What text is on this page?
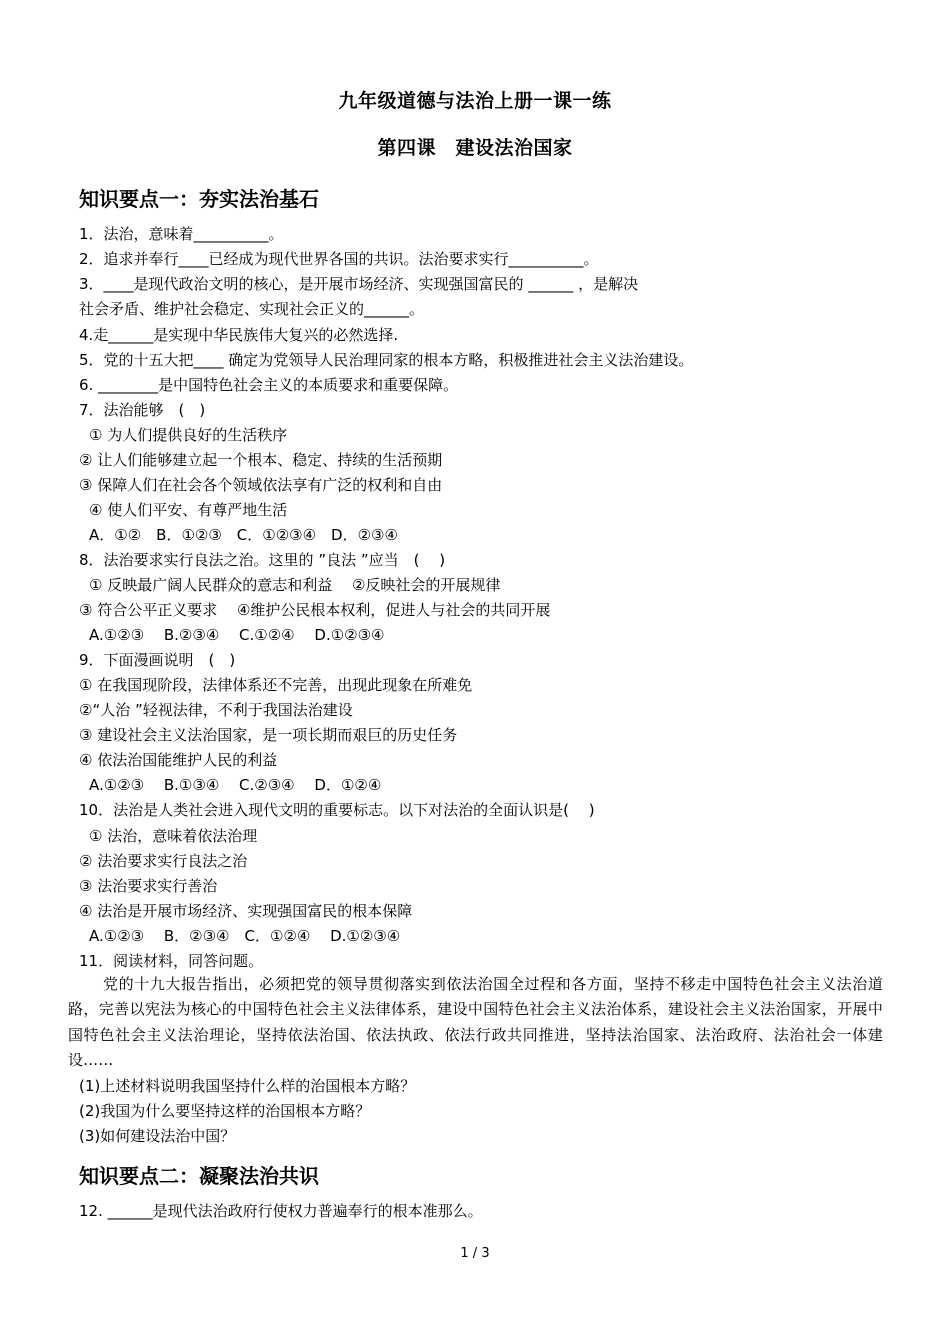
九年级道德与法治上册一课一练
第四课　建设法治国家
知识要点一：夯实法治基石
1．法治，意味着__________。
2．追求并奉行____已经成为现代世界各国的共识。法治要求实行__________。
3．____是现代政治文明的核心，是开展市场经济、实现强国富民的 ______ ，是解决
社会矛盾、维护社会稳定、实现社会正义的______。
4.走______是实现中华民族伟大复兴的必然选择.
5．党的十五大把____ 确定为党领导人民治理同家的根本方略，积极推进社会主义法治建设。
6. ________是中国特色社会主义的本质要求和重要保障。
7．法治能够　(　)
① 为人们提供良好的生活秩序
② 让人们能够建立起一个根本、稳定、持续的生活预期
③ 保障人们在社会各个领域依法享有广泛的权利和自由
④ 使人们平安、有尊严地生活
A．①②　B．①②③　C．①②③④　D．②③④
8．法治要求实行良法之治。这里的 ”良法 ”应当　(　 )
① 反映最广阔人民群众的意志和利益　 ②反映社会的开展规律
③ 符合公平正义要求　 ④维护公民根本权利，促进人与社会的共同开展
A.①②③　 B.②③④　 C.①②④　 D.①②③④
9．下面漫画说明　(　)
① 在我国现阶段，法律体系还不完善，出现此现象在所难免
②“人治 ”轻视法律，不利于我国法治建设
③ 建设社会主义法治国家，是一项长期而艰巨的历史任务
④ 依法治国能维护人民的利益
A.①②③　 B.①③④　 C.②③④　 D．①②④
10．法治是人类社会进入现代文明的重要标志。以下对法治的全面认识是(　 )
① 法治，意味着依法治理
② 法治要求实行良法之治
③ 法治要求实行善治
④ 法治是开展市场经济、实现强国富民的根本保障
A.①②③　 B．②③④　C．①②④　 D.①②③④
11．阅读材料，同答问题。
党的十九大报告指出，必须把党的领导贯彻落实到依法治国全过程和各方面，坚持不移走中国特色社会主义法治道路，完善以宪法为核心的中国特色社会主义法律体系，建设中国特色社会主义法治体系，建设社会主义法治国家，开展中国特色社会主义法治理论，坚持依法治国、依法执政、依法行政共同推进，坚持法治国家、法治政府、法治社会一体建设……
(1)上述材料说明我国坚持什么样的治国根本方略？
(2)我国为什么要坚持这样的治国根本方略？
(3)如何建设法治中国？
知识要点二：凝聚法治共识
12. ______是现代法治政府行使权力普遍奉行的根本准那么。
1 / 3
